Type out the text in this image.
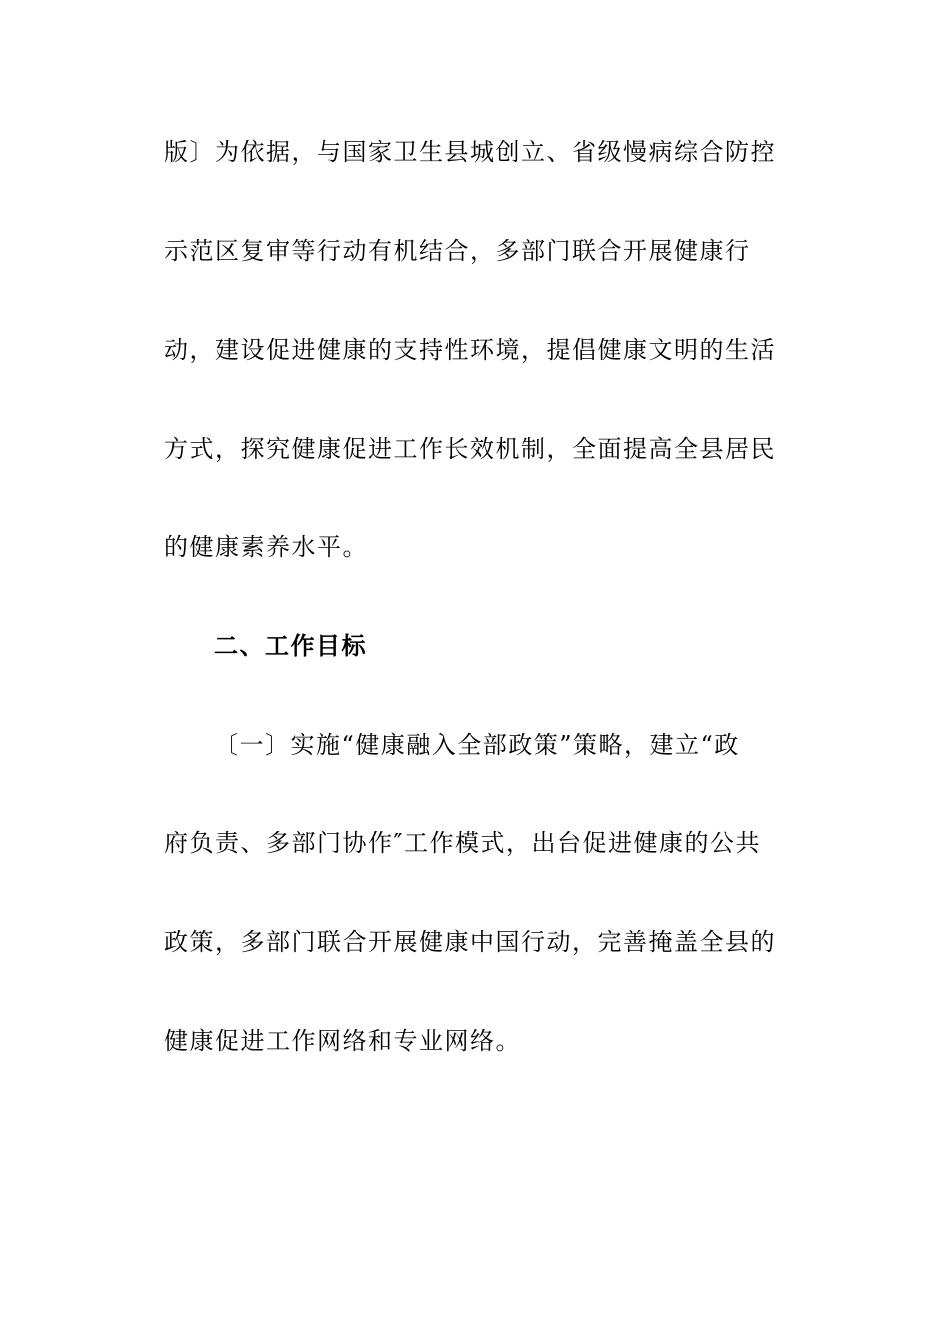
版〕为依据，与国家卫生县城创立、省级慢病综合防控
示范区复审等行动有机结合，多部门联合开展健康行
动，建设促进健康的支持性环境，提倡健康文明的生活
方式，探究健康促进工作长效机制，全面提高全县居民
的健康素养水平。
二、工作目标
〔一〕实施“健康融入全部政策”策略，建立“政
府负责、多部门协作″工作模式，出台促进健康的公共
政策，多部门联合开展健康中国行动，完善掩盖全县的
健康促进工作网络和专业网络。
